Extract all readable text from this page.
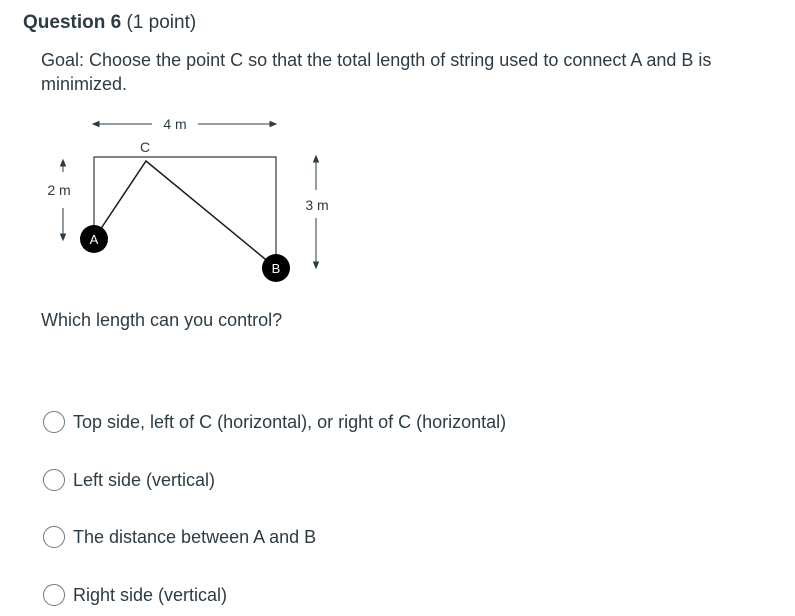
Question 6 (1 point)
Goal: Choose the point C so that the total length of string used to connect A and B is minimized.
4 m
2 m
3 m
C
A
B
Which length can you control?
Top side, left of C (horizontal), or right of C (horizontal)
Left side (vertical)
The distance between A and B
Right side (vertical)
